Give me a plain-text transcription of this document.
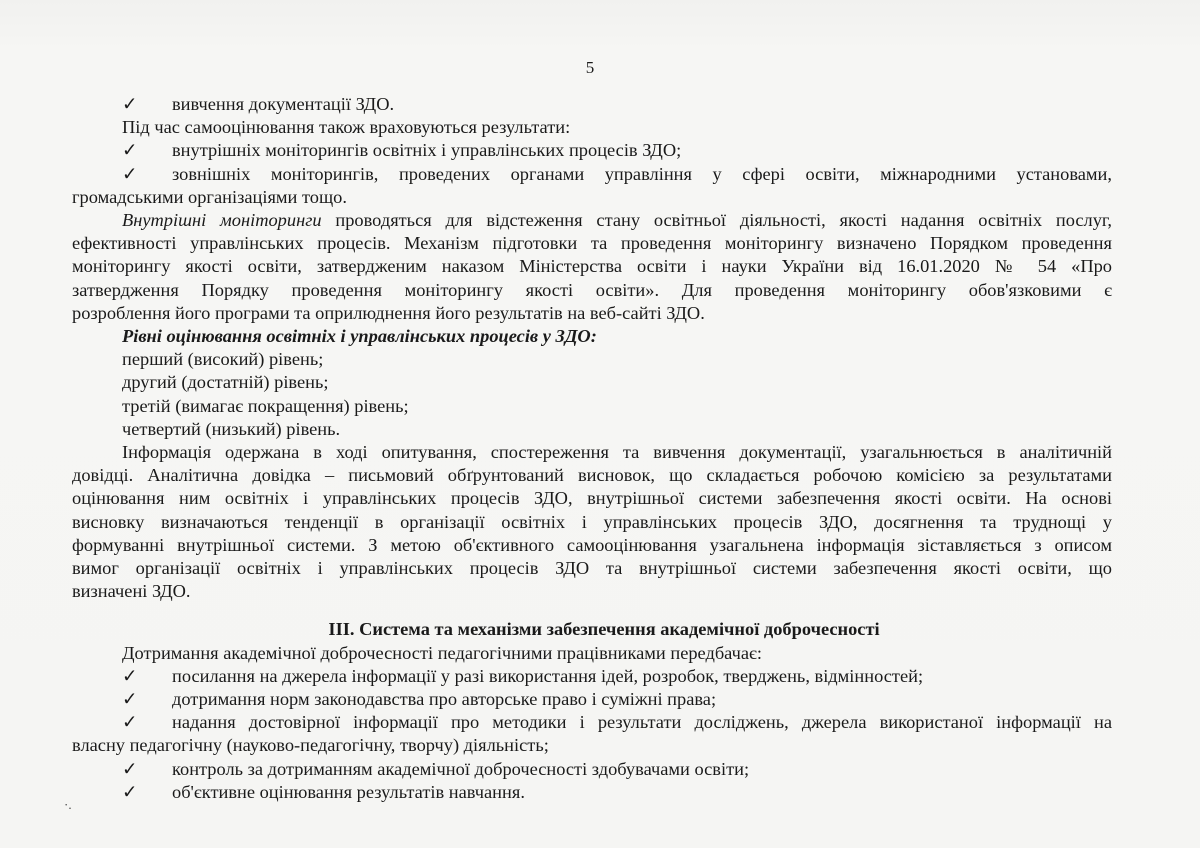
5
✓ вивчення документації ЗДО.
Під час самооцінювання також враховуються результати:
✓ внутрішніх моніторингів освітніх і управлінських процесів ЗДО;
✓ зовнішніх моніторингів, проведених органами управління у сфері освіти, міжнародними установами,
громадськими організаціями тощо.
Внутрішні моніторинги проводяться для відстеження стану освітньої діяльності, якості надання освітніх послуг,
ефективності управлінських процесів. Механізм підготовки та проведення моніторингу визначено Порядком проведення
моніторингу якості освіти, затвердженим наказом Міністерства освіти і науки України від 16.01.2020 № 54 «Про
затвердження Порядку проведення моніторингу якості освіти». Для проведення моніторингу обов'язковими є
розроблення його програми та оприлюднення його результатів на веб-сайті ЗДО.
Рівні оцінювання освітніх і управлінських процесів у ЗДО:
перший (високий) рівень;
другий (достатній) рівень;
третій (вимагає покращення) рівень;
четвертий (низький) рівень.
Інформація одержана в ході опитування, спостереження та вивчення документації, узагальнюється в аналітичній
довідці. Аналітична довідка – письмовий обґрунтований висновок, що складається робочою комісією за результатами
оцінювання ним освітніх і управлінських процесів ЗДО, внутрішньої системи забезпечення якості освіти. На основі
висновку визначаються тенденції в організації освітніх і управлінських процесів ЗДО, досягнення та труднощі у
формуванні внутрішньої системи. З метою об'єктивного самооцінювання узагальнена інформація зіставляється з описом
вимог організації освітніх і управлінських процесів ЗДО та внутрішньої системи забезпечення якості освіти, що
визначені ЗДО.
ІІІ. Система та механізми забезпечення академічної доброчесності
Дотримання академічної доброчесності педагогічними працівниками передбачає:
✓ посилання на джерела інформації у разі використання ідей, розробок, тверджень, відмінностей;
✓ дотримання норм законодавства про авторське право і суміжні права;
✓ надання достовірної інформації про методики і результати досліджень, джерела використаної інформації на
власну педагогічну (науково-педагогічну, творчу) діяльність;
✓ контроль за дотриманням академічної доброчесності здобувачами освіти;
✓ об'єктивне оцінювання результатів навчання.
·.
